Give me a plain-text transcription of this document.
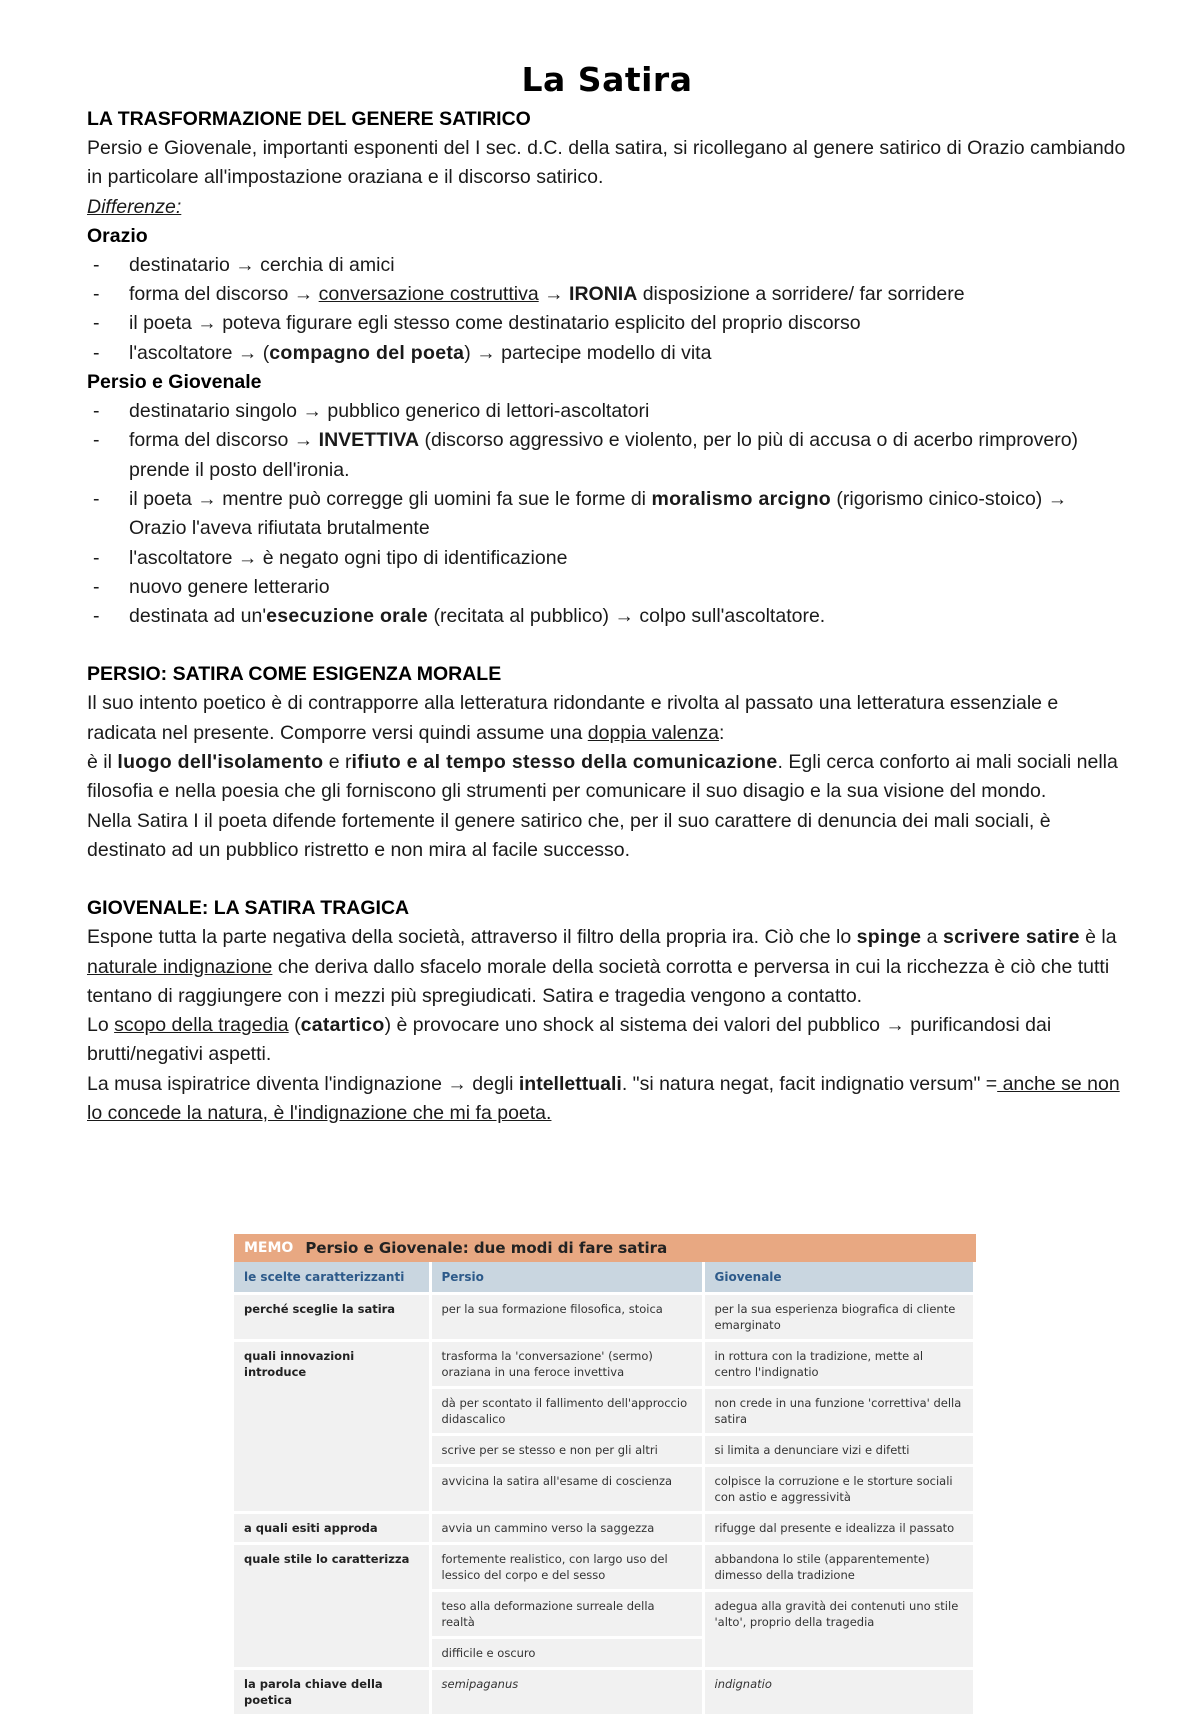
La Satira

LA TRASFORMAZIONE DEL GENERE SATIRICO

Persio e Giovenale, importanti esponenti del I sec. d.C. della satira, si ricollegano al genere satirico di Orazio cambiando in particolare all'impostazione oraziana e il discorso satirico.

Differenze:

Orazio

- destinatario → cerchia di amici
- forma del discorso → conversazione costruttiva → IRONIA disposizione a sorridere/ far sorridere
- il poeta → poteva figurare egli stesso come destinatario esplicito del proprio discorso
- l'ascoltatore → (compagno del poeta) → partecipe modello di vita

Persio e Giovenale

- destinatario singolo → pubblico generico di lettori-ascoltatori
- forma del discorso → INVETTIVA (discorso aggressivo e violento, per lo più di accusa o di acerbo rimprovero) prende il posto dell'ironia.
- il poeta → mentre può corregge gli uomini fa sue le forme di moralismo arcigno (rigorismo cinico-stoico) → Orazio l'aveva rifiutata brutalmente
- l'ascoltatore → è negato ogni tipo di identificazione
- nuovo genere letterario
- destinata ad un'esecuzione orale (recitata al pubblico) → colpo sull'ascoltatore.

PERSIO: SATIRA COME ESIGENZA MORALE

Il suo intento poetico è di contrapporre alla letteratura ridondante e rivolta al passato una letteratura essenziale e radicata nel presente. Comporre versi quindi assume una doppia valenza:

è il luogo dell'isolamento e rifiuto e al tempo stesso della comunicazione. Egli cerca conforto ai mali sociali nella filosofia e nella poesia che gli forniscono gli strumenti per comunicare il suo disagio e la sua visione del mondo.

Nella Satira I il poeta difende fortemente il genere satirico che, per il suo carattere di denuncia dei mali sociali, è destinato ad un pubblico ristretto e non mira al facile successo.

GIOVENALE: LA SATIRA TRAGICA

Espone tutta la parte negativa della società, attraverso il filtro della propria ira. Ciò che lo spinge a scrivere satire è la naturale indignazione che deriva dallo sfacelo morale della società corrotta e perversa in cui la ricchezza è ciò che tutti tentano di raggiungere con i mezzi più spregiudicati. Satira e tragedia vengono a contatto.

Lo scopo della tragedia (catartico) è provocare uno shock al sistema dei valori del pubblico → purificandosi dai brutti/negativi aspetti.

La musa ispiratrice diventa l'indignazione → degli intellettuali. "si natura negat, facit indignatio versum" = anche se non lo concede la natura, è l'indignazione che mi fa poeta.

MEMO Persio e Giovenale: due modi di fare satira
le scelte caratterizzanti	Persio	Giovenale
perché sceglie la satira	per la sua formazione filosofica, stoica	per la sua esperienza biografica di cliente emarginato
quali innovazioni introduce	trasforma la 'conversazione' (sermo) oraziana in una feroce invettiva	in rottura con la tradizione, mette al centro l'indignatio
	dà per scontato il fallimento dell'approccio didascalico	non crede in una funzione 'correttiva' della satira
	scrive per se stesso e non per gli altri	si limita a denunciare vizi e difetti
	avvicina la satira all'esame di coscienza	colpisce la corruzione e le storture sociali con astio e aggressività
a quali esiti approda	avvia un cammino verso la saggezza	rifugge dal presente e idealizza il passato
quale stile lo caratterizza	fortemente realistico, con largo uso del lessico del corpo e del sesso	abbandona lo stile (apparentemente) dimesso della tradizione
	teso alla deformazione surreale della realtà	adegua alla gravità dei contenuti uno stile 'alto', proprio della tragedia
	difficile e oscuro	
la parola chiave della poetica	semipaganus	indignatio
